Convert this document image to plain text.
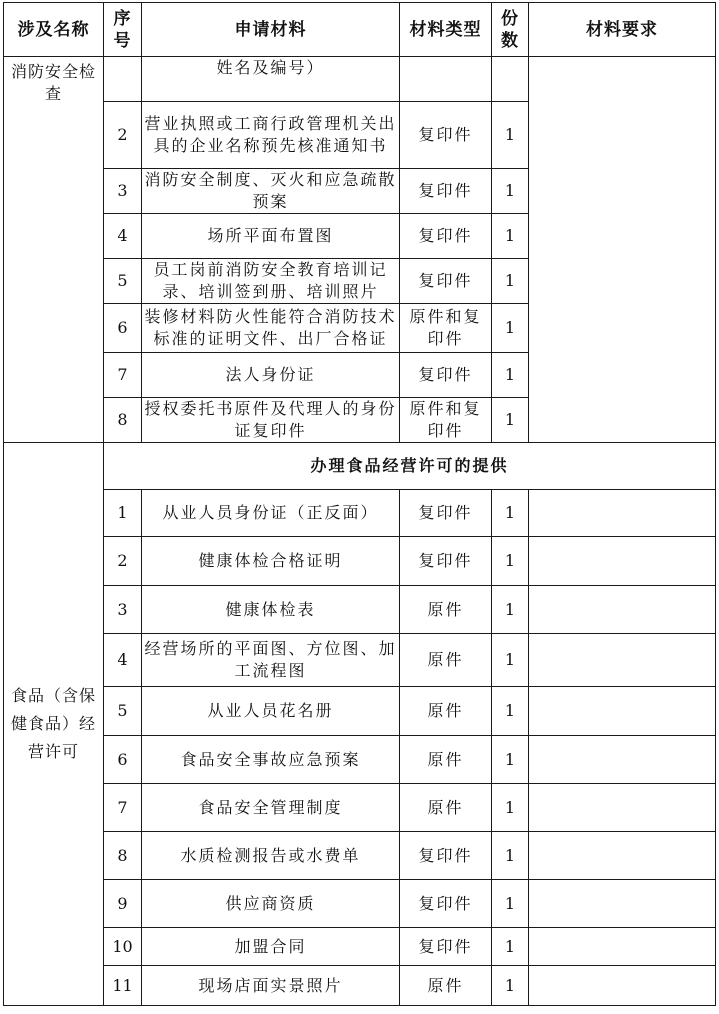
涉及名称	序号	申请材料	材料类型	份数	材料要求
消防安全检查		姓名及编号）			
	2	营业执照或工商行政管理机关出具的企业名称预先核准通知书	复印件	1	
	3	消防安全制度、灭火和应急疏散预案	复印件	1	
	4	场所平面布置图	复印件	1	
	5	员工岗前消防安全教育培训记录、培训签到册、培训照片	复印件	1	
	6	装修材料防火性能符合消防技术标准的证明文件、出厂合格证	原件和复印件	1	
	7	法人身份证	复印件	1	
	8	授权委托书原件及代理人的身份证复印件	原件和复印件	1	
食品（含保健食品）经营许可	办理食品经营许可的提供				
	1	从业人员身份证（正反面）	复印件	1	
	2	健康体检合格证明	复印件	1	
	3	健康体检表	原件	1	
	4	经营场所的平面图、方位图、加工流程图	原件	1	
	5	从业人员花名册	原件	1	
	6	食品安全事故应急预案	原件	1	
	7	食品安全管理制度	原件	1	
	8	水质检测报告或水费单	复印件	1	
	9	供应商资质	复印件	1	
	10	加盟合同	复印件	1	
	11	现场店面实景照片	原件	1	
